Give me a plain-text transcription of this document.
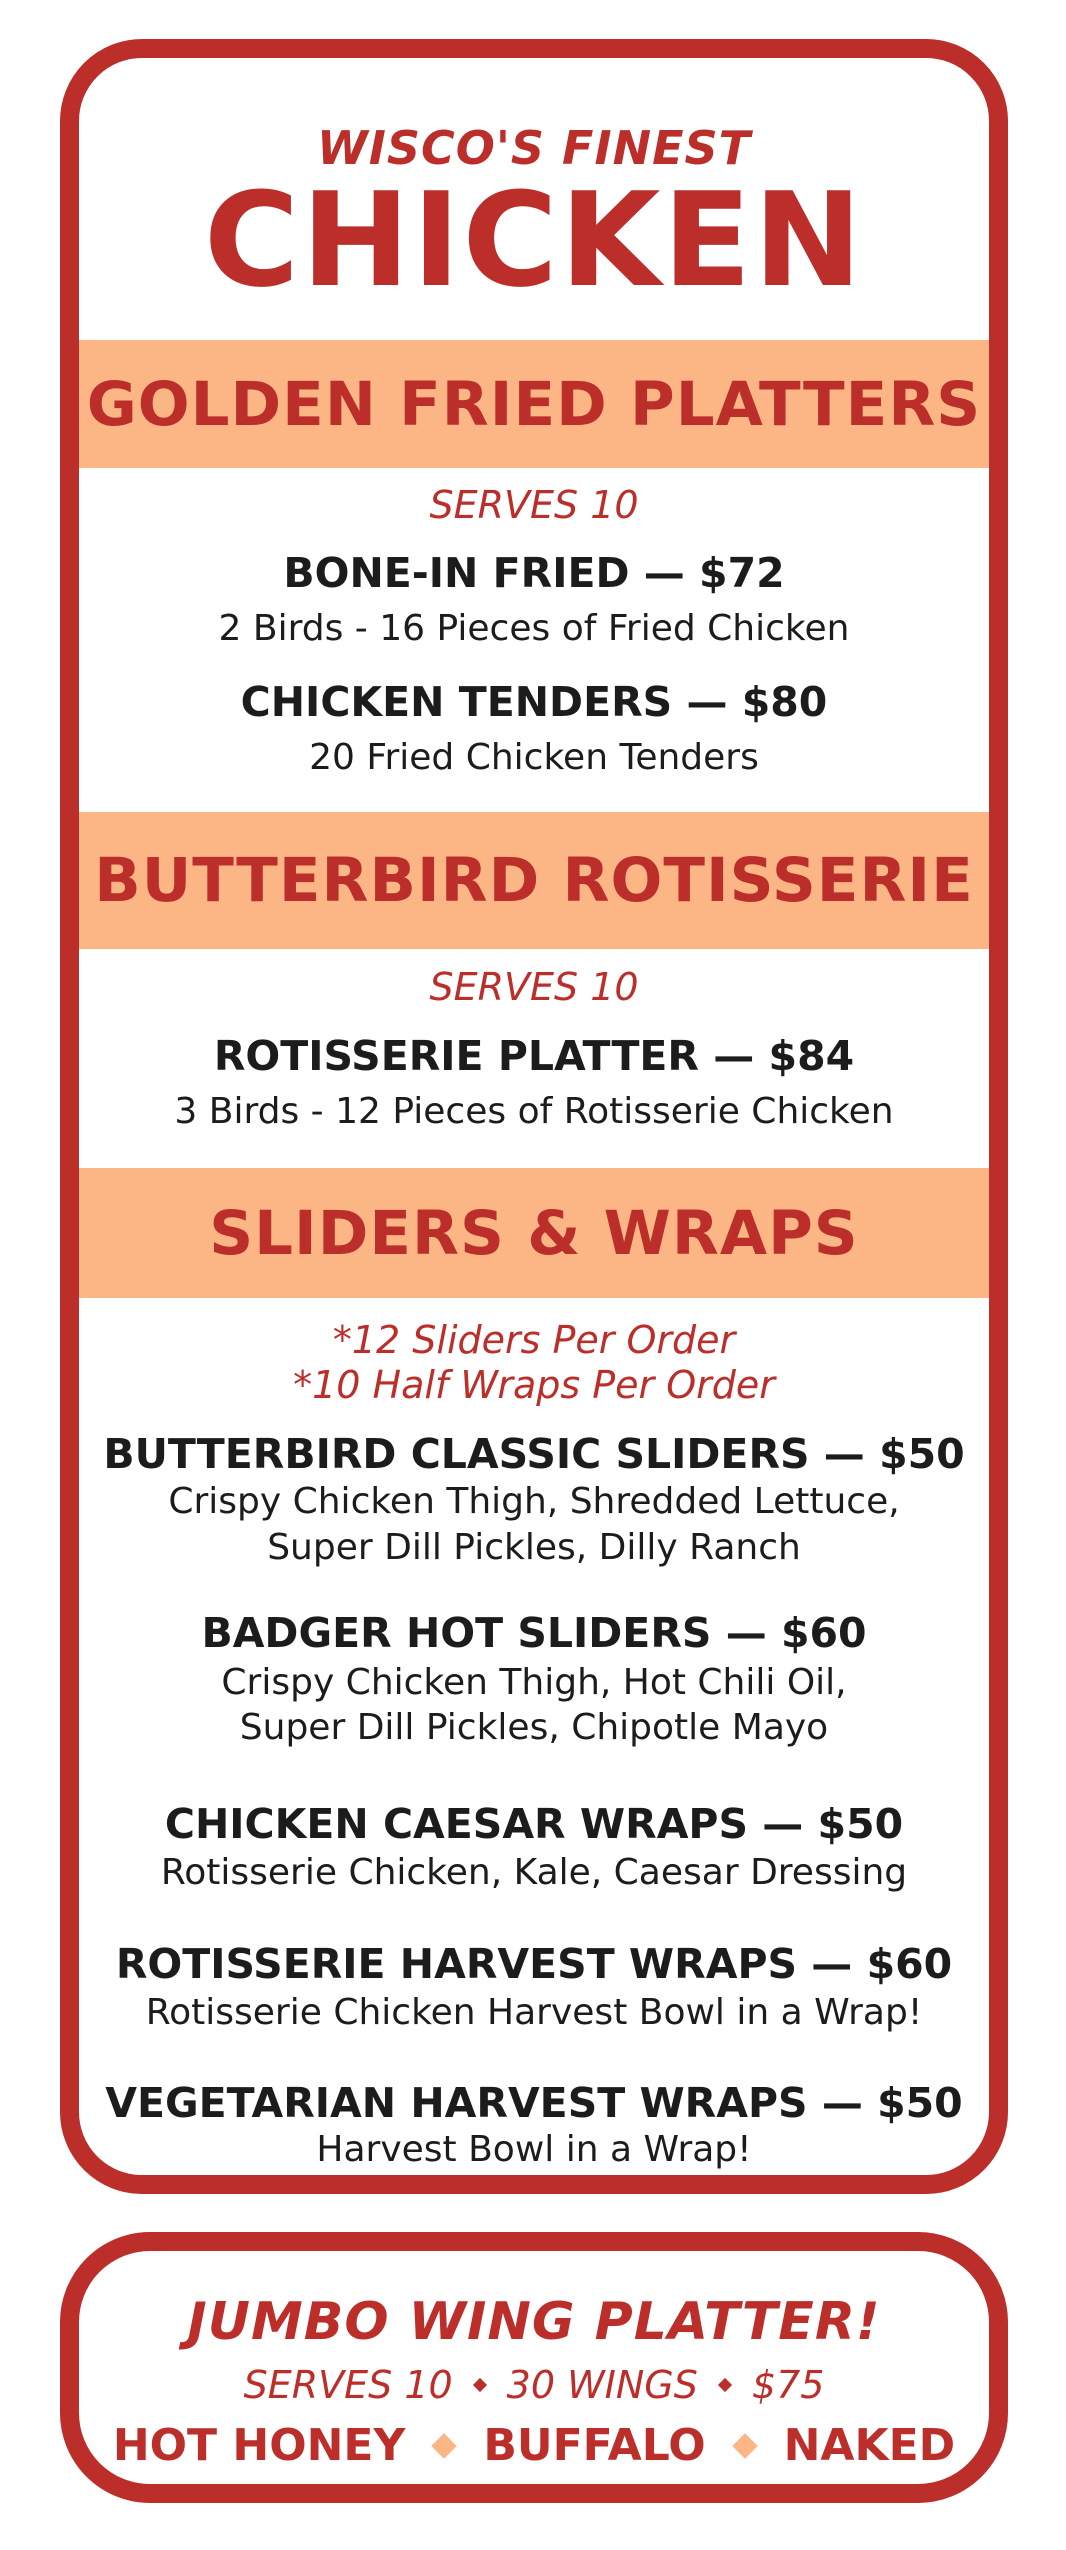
WISCO'S FINEST
CHICKEN
GOLDEN FRIED PLATTERS
SERVES 10
BONE-IN FRIED — $72
2 Birds - 16 Pieces of Fried Chicken
CHICKEN TENDERS — $80
20 Fried Chicken Tenders
BUTTERBIRD ROTISSERIE
SERVES 10
ROTISSERIE PLATTER — $84
3 Birds - 12 Pieces of Rotisserie Chicken
SLIDERS & WRAPS
*12 Sliders Per Order
*10 Half Wraps Per Order
BUTTERBIRD CLASSIC SLIDERS — $50
Crispy Chicken Thigh, Shredded Lettuce,
Super Dill Pickles, Dilly Ranch
BADGER HOT SLIDERS — $60
Crispy Chicken Thigh, Hot Chili Oil,
Super Dill Pickles, Chipotle Mayo
CHICKEN CAESAR WRAPS — $50
Rotisserie Chicken, Kale, Caesar Dressing
ROTISSERIE HARVEST WRAPS — $60
Rotisserie Chicken Harvest Bowl in a Wrap!
VEGETARIAN HARVEST WRAPS — $50
Harvest Bowl in a Wrap!
JUMBO WING PLATTER!
SERVES 10 30 WINGS $75
HOT HONEY BUFFALO NAKED
